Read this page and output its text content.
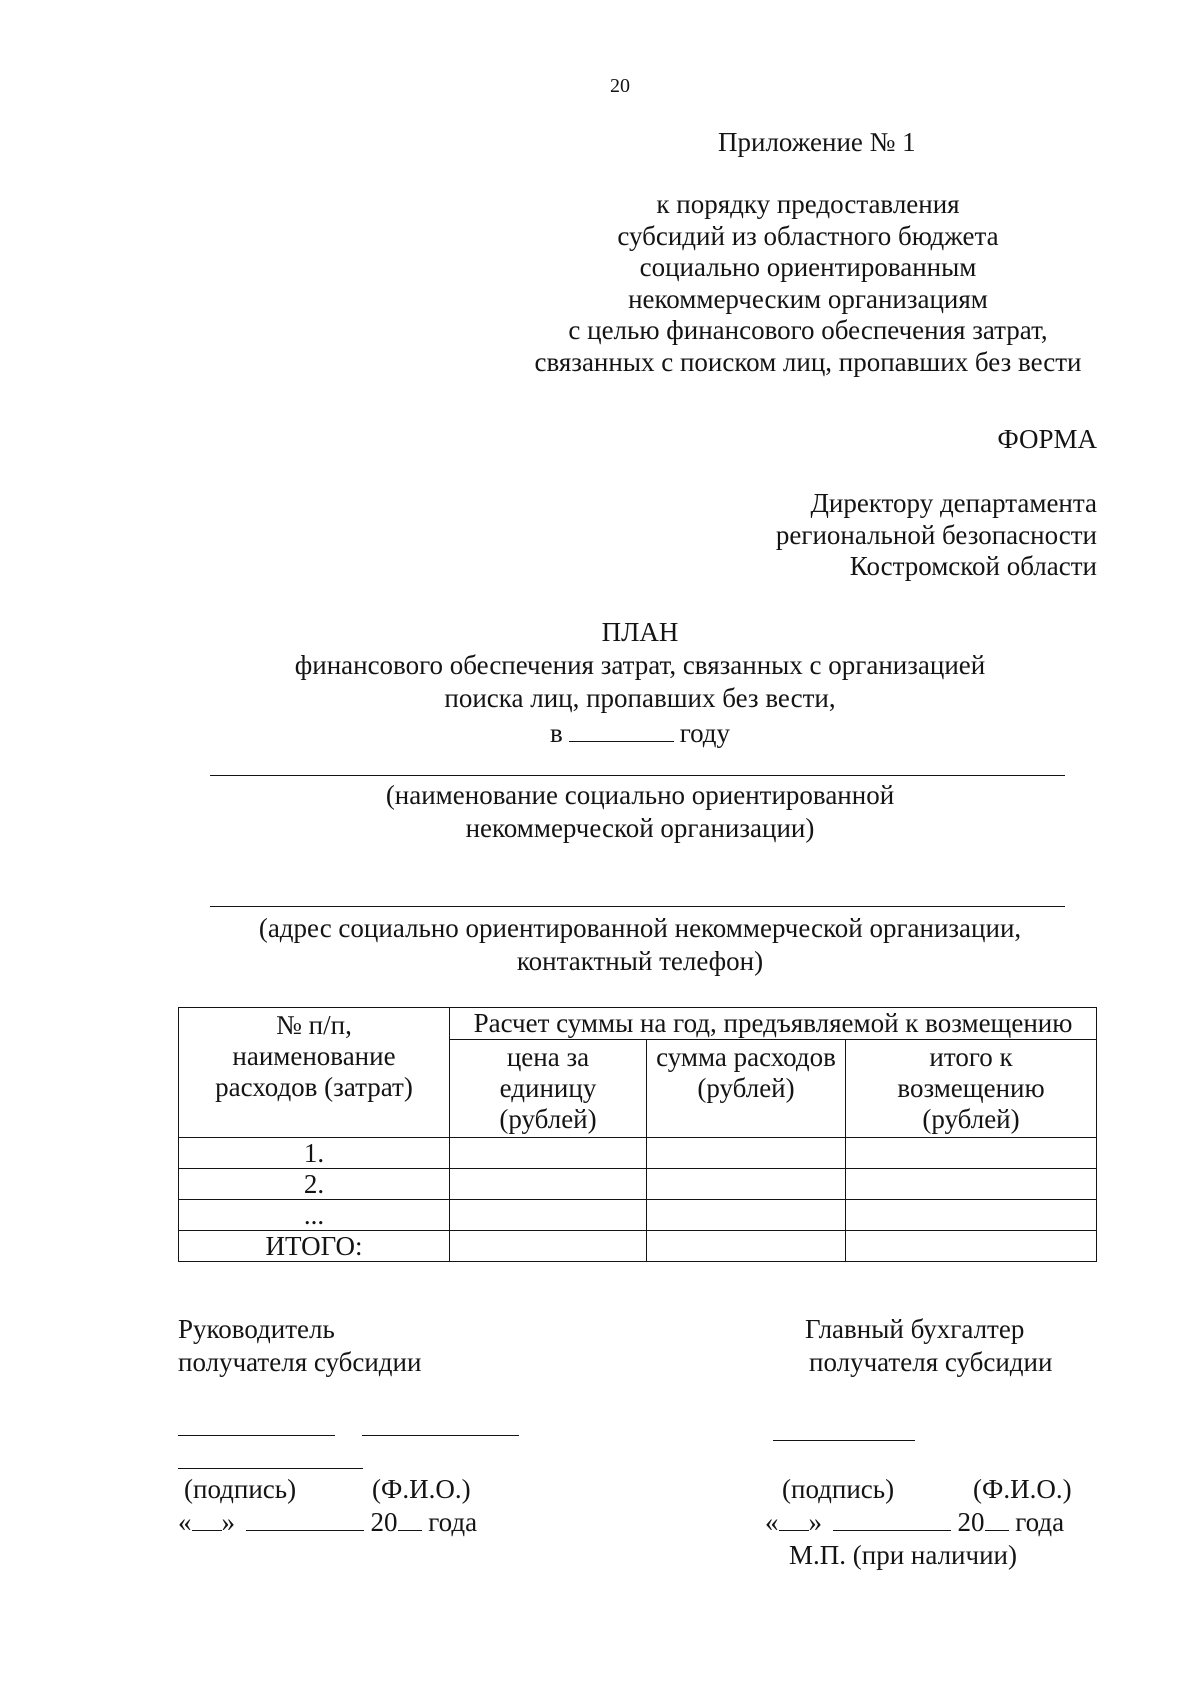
20
Приложение № 1
к порядку предоставления
субсидий из областного бюджета
социально ориентированным
некоммерческим организациям
с целью финансового обеспечения затрат,
связанных с поиском лиц, пропавших без вести
ФОРМА
Директору департамента
региональной безопасности
Костромской области
ПЛАН
финансового обеспечения затрат, связанных с организацией
поиска лиц, пропавших без вести,
в	году
(наименование социально ориентированной
некоммерческой организации)
(адрес социально ориентированной некоммерческой организации,
контактный телефон)
№ п/п, наименование расходов (затрат)	Расчет суммы на год, предъявляемой к возмещению		
	цена за единицу (рублей)	сумма расходов (рублей)	итого к возмещению (рублей)
1.			
2.			
...			
ИТОГО:			
Руководитель
получателя субсидии
(подпись)	(Ф.И.О.)
« »	20 года
Главный бухгалтер
получателя субсидии
(подпись)	(Ф.И.О.)
« »	20 года
М.П. (при наличии)
